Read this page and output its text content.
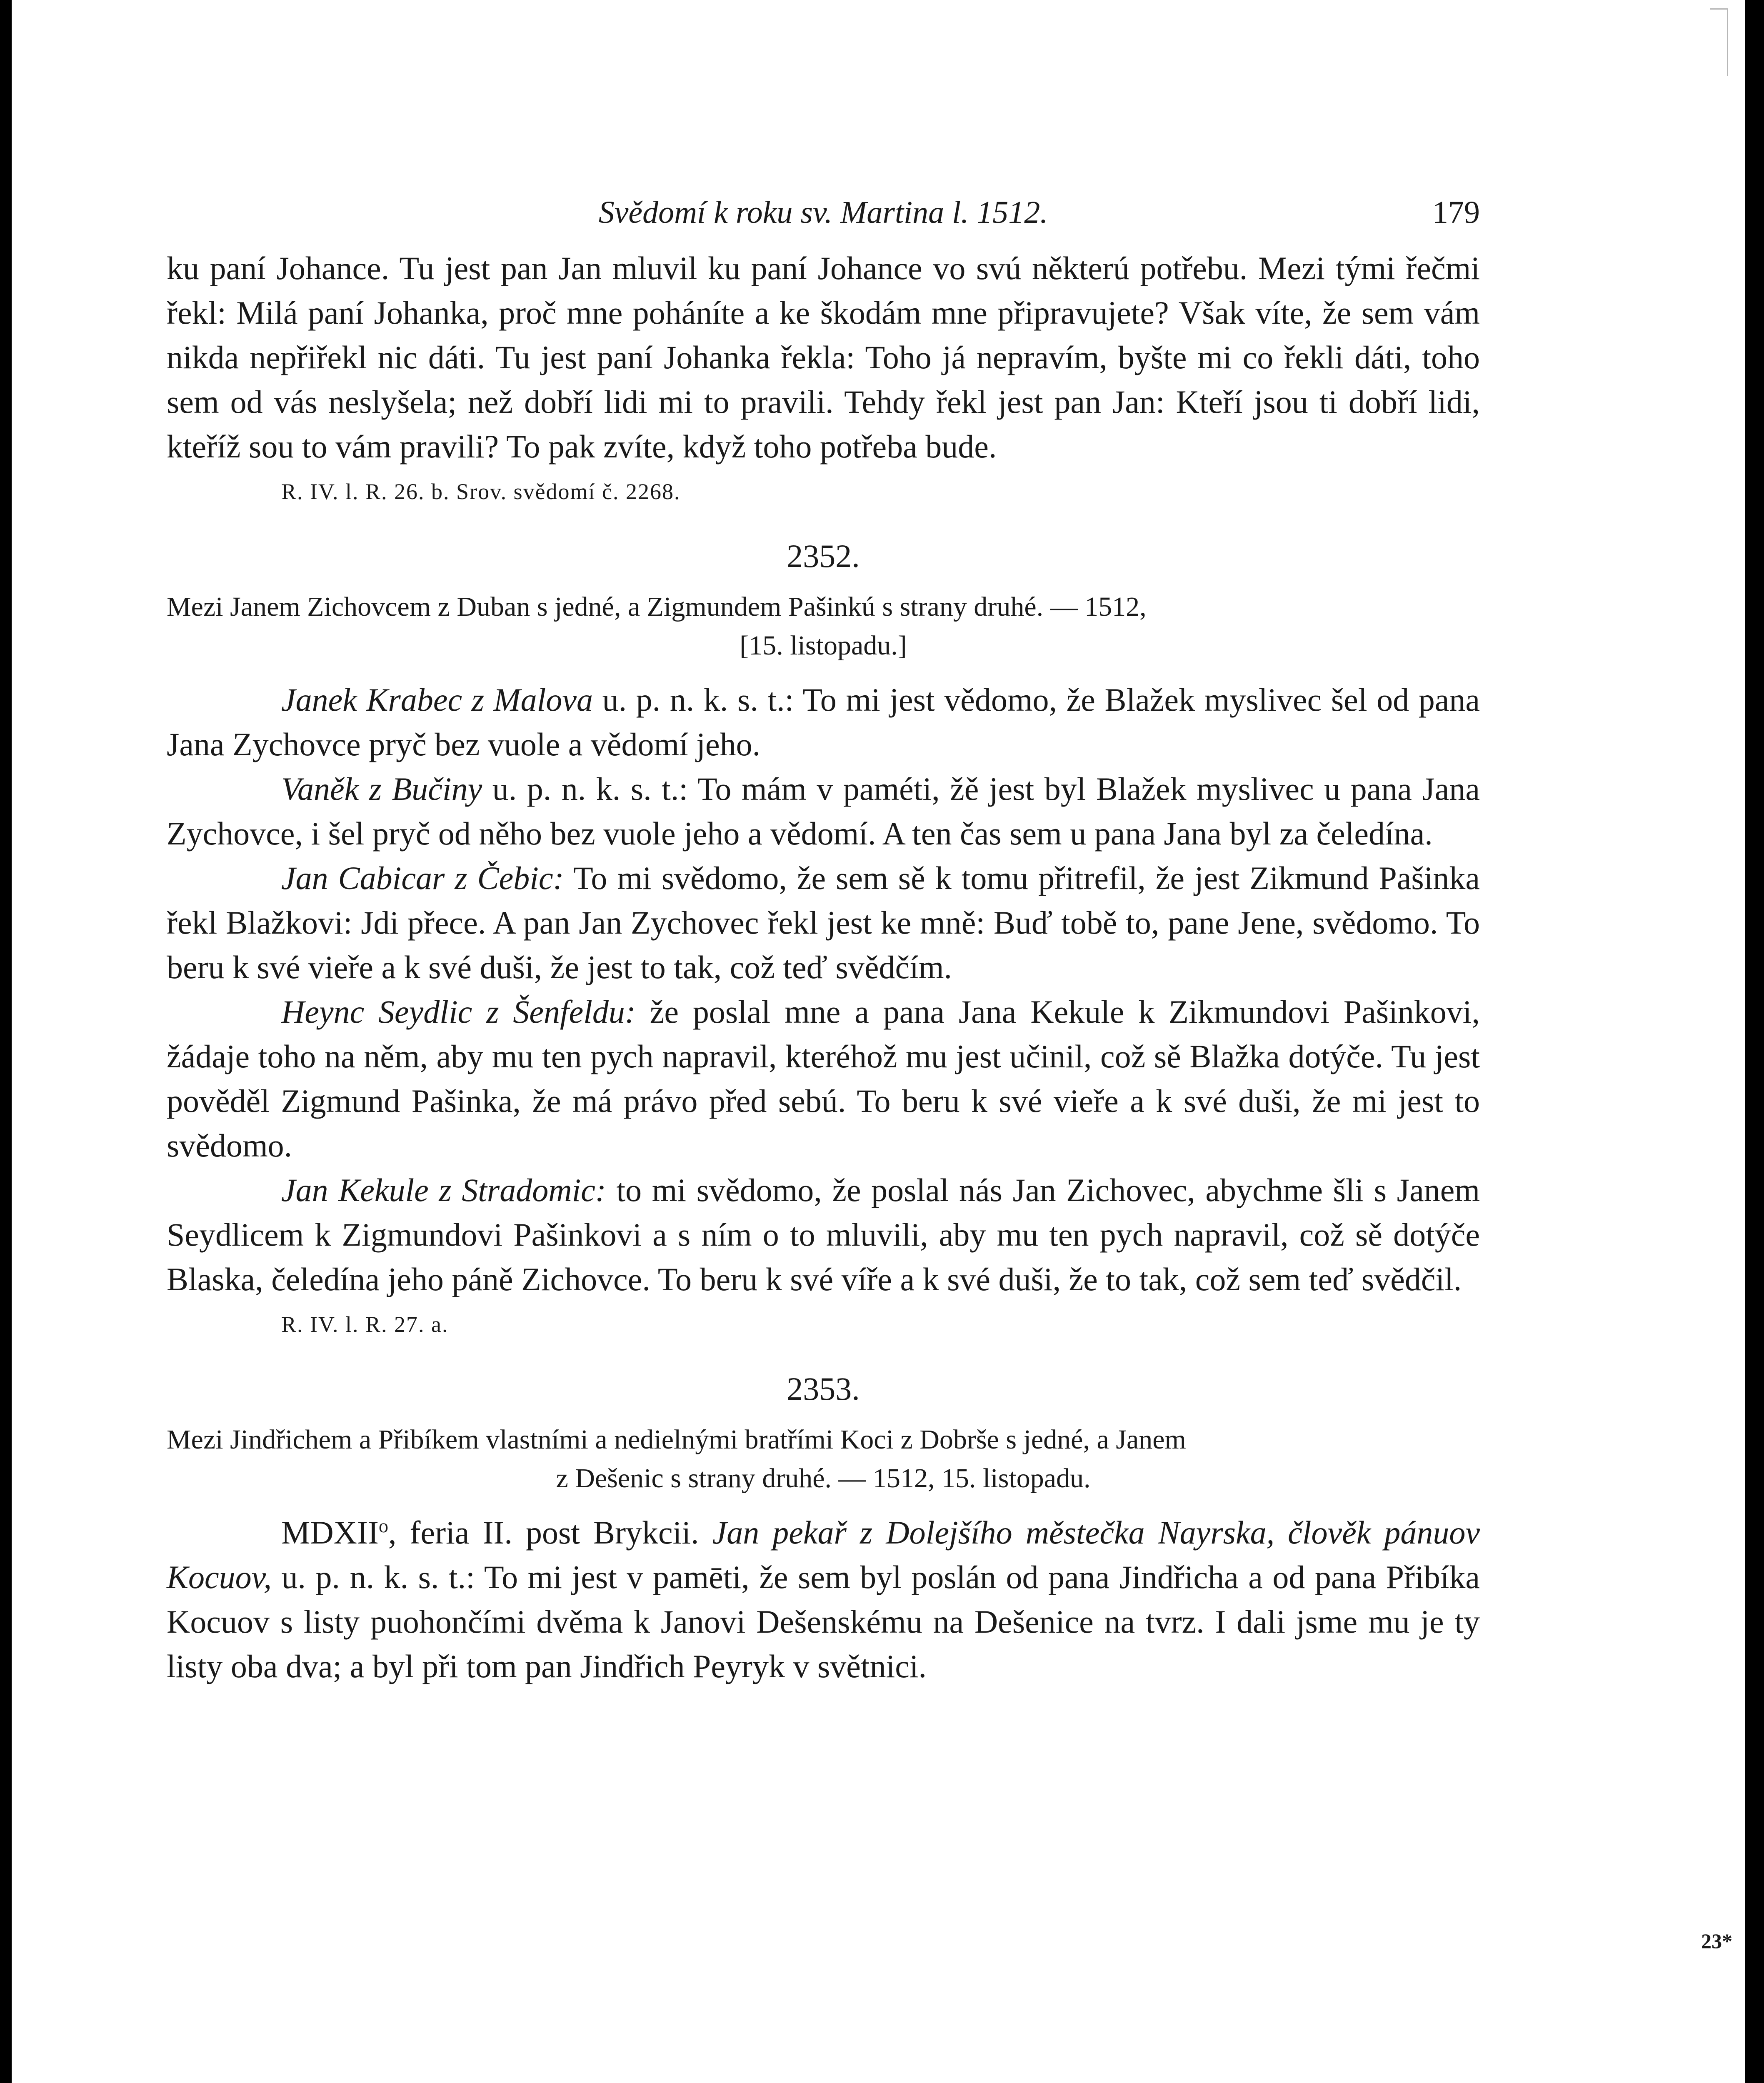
Svědomí k roku sv. Martina l. 1512.	179

ku paní Johance. Tu jest pan Jan mluvil ku paní Johance vo svú některú potřebu. Mezi tými řečmi řekl: Milá paní Johanka, proč mne poháníte a ke škodám mne připravujete? Však víte, že sem vám nikda nepřiřekl nic dáti. Tu jest paní Johanka řekla: Toho já nepravím, byšte mi co řekli dáti, toho sem od vás neslyšela; než dobří lidi mi to pravili. Tehdy řekl jest pan Jan: Kteří jsou ti dobří lidi, kteříž sou to vám pravili? To pak zvíte, když toho potřeba bude.

R. IV. l. R. 26. b. Srov. svědomí č. 2268.
2352.
Mezi Janem Zichovcem z Duban s jedné, a Zigmundem Pašinkú s strany druhé. — 1512,
[15. listopadu.]

Janek Krabec z Malova u. p. n. k. s. t.: To mi jest vědomo, že Blažek myslivec šel od pana Jana Zychovce pryč bez vuole a vědomí jeho.

Vaněk z Bučiny u. p. n. k. s. t.: To mám v paméti, žě jest byl Blažek myslivec u pana Jana Zychovce, i šel pryč od něho bez vuole jeho a vědomí. A ten čas sem u pana Jana byl za čeledína.

Jan Cabicar z Čebic: To mi svědomo, že sem sě k tomu přitrefil, že jest Zikmund Pašinka řekl Blažkovi: Jdi přece. A pan Jan Zychovec řekl jest ke mně: Buď tobě to, pane Jene, svědomo. To beru k své vieře a k své duši, že jest to tak, což teď svědčím.

Heync Seydlic z Šenfeldu: že poslal mne a pana Jana Kekule k Zikmundovi Pašinkovi, žádaje toho na něm, aby mu ten pych napravil, kteréhož mu jest učinil, což sě Blažka dotýče. Tu jest pověděl Zigmund Pašinka, že má právo před sebú. To beru k své vieře a k své duši, že mi jest to svědomo.

Jan Kekule z Stradomic: to mi svědomo, že poslal nás Jan Zichovec, abychme šli s Janem Seydlicem k Zigmundovi Pašinkovi a s ním o to mluvili, aby mu ten pych napravil, což sě dotýče Blaska, čeledína jeho páně Zichovce. To beru k své víře a k své duši, že to tak, což sem teď svědčil.

R. IV. l. R. 27. a.
2353.
Mezi Jindřichem a Přibíkem vlastními a nedielnými bratřími Koci z Dobrše s jedné, a Janem
z Dešenic s strany druhé. — 1512, 15. listopadu.

MDXII$^o$, feria II. post Brykcii. Jan pekař z Dolejšího městečka Nayrska, člověk pánuov Kocuov, u. p. n. k. s. t.: To mi jest v pamēti, že sem byl poslán od pana Jindřicha a od pana Přibíka Kocuov s listy puohončími dvěma k Janovi Dešenskému na Dešenice na tvrz. I dali jsme mu je ty listy oba dva; a byl při tom pan Jindřich Peyryk v světnici.

23*
